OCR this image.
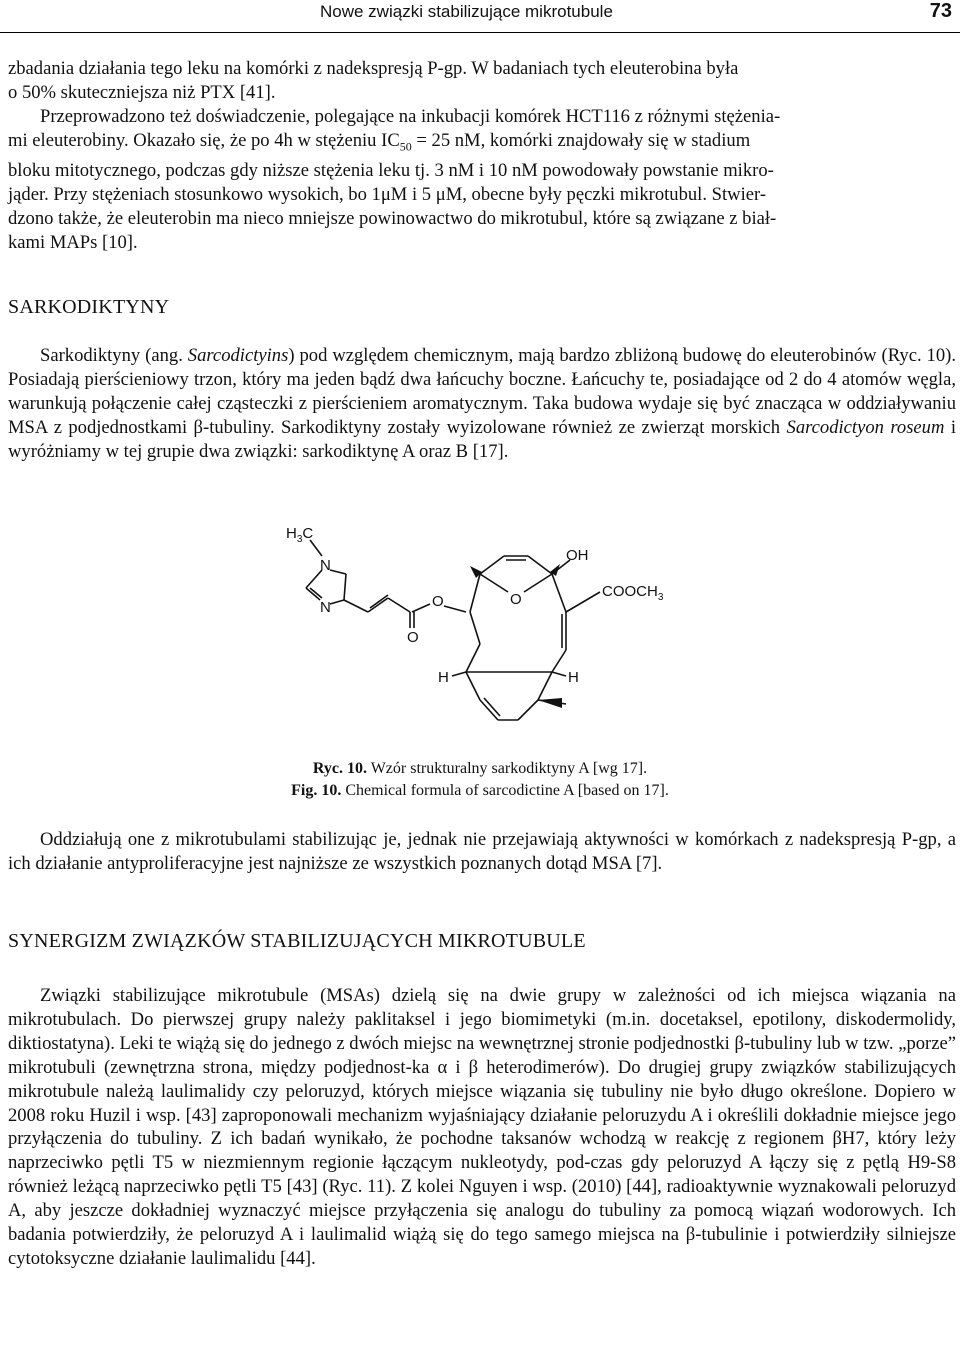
Nowe związki stabilizujące mikrotubule	73

zbadania działania tego leku na komórki z nadekspresją P-gp. W badaniach tych eleuterobina była

o 50% skuteczniejsza niż PTX [41].

Przeprowadzono też doświadczenie, polegające na inkubacji komórek HCT116 z różnymi stężenia-

mi eleuterobiny. Okazało się, że po 4h w stężeniu $IC_{50} = 25$ nM, komórki znajdowały się w stadium

bloku mitotycznego, podczas gdy niższe stężenia leku tj. 3 nM i 10 nM powodowały powstanie mikro-

jąder. Przy stężeniach stosunkowo wysokich, bo 1μM i 5 μM, obecne były pęczki mikrotubul. Stwier-

dzono także, że eleuterobin ma nieco mniejsze powinowactwo do mikrotubul, które są związane z biał-

kami MAPs [10].

SARKODIKTYNY

Sarkodiktyny (ang. Sarcodictyins) pod względem chemicznym, mają bardzo zbliżoną budowę do eleuterobinów (Ryc. 10). Posiadają pierścieniowy trzon, który ma jeden bądź dwa łańcuchy boczne. Łańcuchy te, posiadające od 2 do 4 atomów węgla, warunkują połączenie całej cząsteczki z pierścieniem aromatycznym. Taka budowa wydaje się być znacząca w oddziaływaniu MSA z podjednostkami β-tubuliny. Sarkodiktyny zostały wyizolowane również ze zwierząt morskich Sarcodictyon roseum i wyróżniamy w tej grupie dwa związki: sarkodiktynę A oraz B [17].

$H_3C$
N
N
O
O	O
OH
$COOCH_3$
H	H
Ryc. 10. Wzór strukturalny sarkodiktyny A [wg 17].
Fig. 10. Chemical formula of sarcodictine A [based on 17].

Oddziałują one z mikrotubulami stabilizując je, jednak nie przejawiają aktywności w komórkach z nadekspresją P-gp, a ich działanie antyproliferacyjne jest najniższe ze wszystkich poznanych dotąd MSA [7].

SYNERGIZM ZWIĄZKÓW STABILIZUJĄCYCH MIKROTUBULE

Związki stabilizujące mikrotubule (MSAs) dzielą się na dwie grupy w zależności od ich miejsca wiązania na mikrotubulach. Do pierwszej grupy należy paklitaksel i jego biomimetyki (m.in. docetaksel, epotilony, diskodermolidy, diktiostatyna). Leki te wiążą się do jednego z dwóch miejsc na wewnętrznej stronie podjednostki β-tubuliny lub w tzw. „porze” mikrotubuli (zewnętrzna strona, między podjednost-ka α i β heterodimerów). Do drugiej grupy związków stabilizujących mikrotubule należą laulimalidy czy peloruzyd, których miejsce wiązania się tubuliny nie było długo określone. Dopiero w 2008 roku Huzil i wsp. [43] zaproponowali mechanizm wyjaśniający działanie peloruzydu A i określili dokładnie miejsce jego przyłączenia do tubuliny. Z ich badań wynikało, że pochodne taksanów wchodzą w reakcję z regionem βH7, który leży naprzeciwko pętli T5 w niezmiennym regionie łączącym nukleotydy, pod-czas gdy peloruzyd A łączy się z pętlą H9-S8 również leżącą naprzeciwko pętli T5 [43] (Ryc. 11). Z kolei Nguyen i wsp. (2010) [44], radioaktywnie wyznakowali peloruzyd A, aby jeszcze dokładniej wyznaczyć miejsce przyłączenia się analogu do tubuliny za pomocą wiązań wodorowych. Ich badania potwierdziły, że peloruzyd A i laulimalid wiążą się do tego samego miejsca na β-tubulinie i potwierdziły silniejsze cytotoksyczne działanie laulimalidu [44].
